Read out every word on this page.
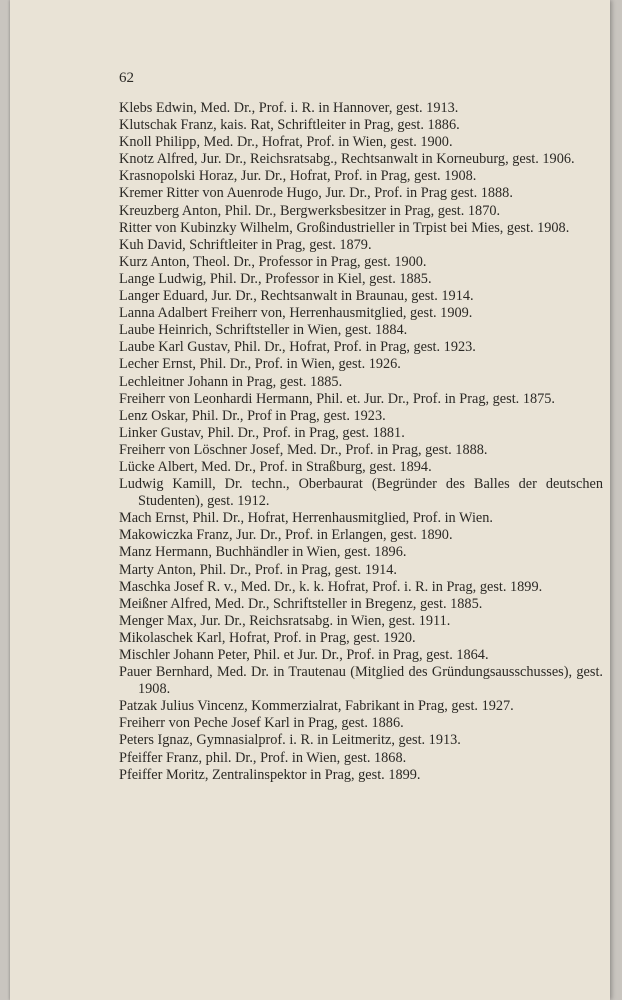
62
Klebs Edwin, Med. Dr., Prof. i. R. in Hannover, gest. 1913.
Klutschak Franz, kais. Rat, Schriftleiter in Prag, gest. 1886.
Knoll Philipp, Med. Dr., Hofrat, Prof. in Wien, gest. 1900.
Knotz Alfred, Jur. Dr., Reichsratsabg., Rechtsanwalt in Korneuburg, gest. 1906.
Krasnopolski Horaz, Jur. Dr., Hofrat, Prof. in Prag, gest. 1908.
Kremer Ritter von Auenrode Hugo, Jur. Dr., Prof. in Prag gest. 1888.
Kreuzberg Anton, Phil. Dr., Bergwerksbesitzer in Prag, gest. 1870.
Ritter von Kubinzky Wilhelm, Großindustrieller in Trpist bei Mies, gest. 1908.
Kuh David, Schriftleiter in Prag, gest. 1879.
Kurz Anton, Theol. Dr., Professor in Prag, gest. 1900.
Lange Ludwig, Phil. Dr., Professor in Kiel, gest. 1885.
Langer Eduard, Jur. Dr., Rechtsanwalt in Braunau, gest. 1914.
Lanna Adalbert Freiherr von, Herrenhausmitglied, gest. 1909.
Laube Heinrich, Schriftsteller in Wien, gest. 1884.
Laube Karl Gustav, Phil. Dr., Hofrat, Prof. in Prag, gest. 1923.
Lecher Ernst, Phil. Dr., Prof. in Wien, gest. 1926.
Lechleitner Johann in Prag, gest. 1885.
Freiherr von Leonhardi Hermann, Phil. et. Jur. Dr., Prof. in Prag, gest. 1875.
Lenz Oskar, Phil. Dr., Prof in Prag, gest. 1923.
Linker Gustav, Phil. Dr., Prof. in Prag, gest. 1881.
Freiherr von Löschner Josef, Med. Dr., Prof. in Prag, gest. 1888.
Lücke Albert, Med. Dr., Prof. in Straßburg, gest. 1894.
Ludwig Kamill, Dr. techn., Oberbaurat (Begründer des Balles der deutschen Studenten), gest. 1912.
Mach Ernst, Phil. Dr., Hofrat, Herrenhausmitglied, Prof. in Wien.
Makowiczka Franz, Jur. Dr., Prof. in Erlangen, gest. 1890.
Manz Hermann, Buchhändler in Wien, gest. 1896.
Marty Anton, Phil. Dr., Prof. in Prag, gest. 1914.
Maschka Josef R. v., Med. Dr., k. k. Hofrat, Prof. i. R. in Prag, gest. 1899.
Meißner Alfred, Med. Dr., Schriftsteller in Bregenz, gest. 1885.
Menger Max, Jur. Dr., Reichsratsabg. in Wien, gest. 1911.
Mikolaschek Karl, Hofrat, Prof. in Prag, gest. 1920.
Mischler Johann Peter, Phil. et Jur. Dr., Prof. in Prag, gest. 1864.
Pauer Bernhard, Med. Dr. in Trautenau (Mitglied des Gründungsausschusses), gest. 1908.
Patzak Julius Vincenz, Kommerzialrat, Fabrikant in Prag, gest. 1927.
Freiherr von Peche Josef Karl in Prag, gest. 1886.
Peters Ignaz, Gymnasialprof. i. R. in Leitmeritz, gest. 1913.
Pfeiffer Franz, phil. Dr., Prof. in Wien, gest. 1868.
Pfeiffer Moritz, Zentralinspektor in Prag, gest. 1899.
